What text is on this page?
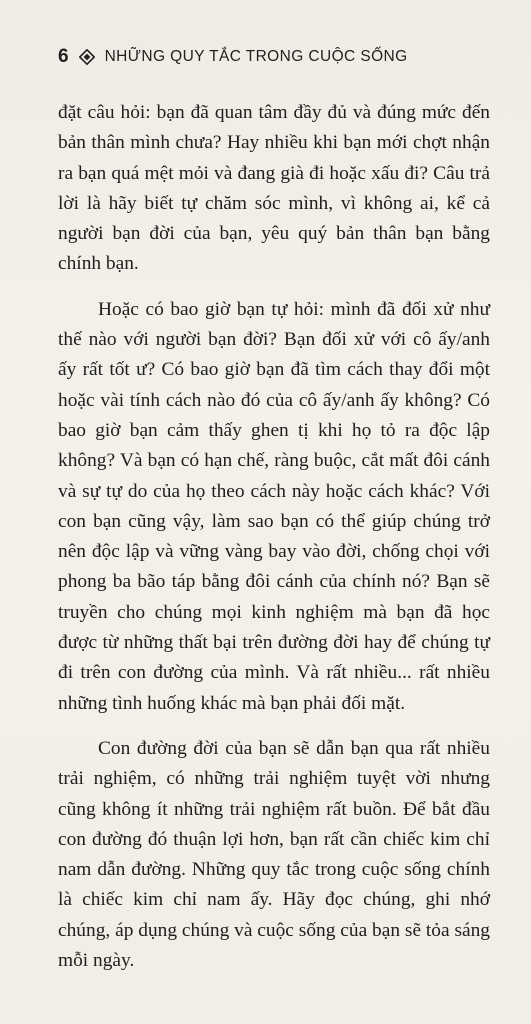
6 NHỮNG QUY TẮC TRONG CUỘC SỐNG

đặt câu hỏi: bạn đã quan tâm đầy đủ và đúng mức đến bản thân mình chưa? Hay nhiều khi bạn mới chợt nhận ra bạn quá mệt mỏi và đang già đi hoặc xấu đi? Câu trả lời là hãy biết tự chăm sóc mình, vì không ai, kể cả người bạn đời của bạn, yêu quý bản thân bạn bằng chính bạn.

Hoặc có bao giờ bạn tự hỏi: mình đã đối xử như thế nào với người bạn đời? Bạn đối xử với cô ấy/anh ấy rất tốt ư? Có bao giờ bạn đã tìm cách thay đổi một hoặc vài tính cách nào đó của cô ấy/anh ấy không? Có bao giờ bạn cảm thấy ghen tị khi họ tỏ ra độc lập không? Và bạn có hạn chế, ràng buộc, cắt mất đôi cánh và sự tự do của họ theo cách này hoặc cách khác? Với con bạn cũng vậy, làm sao bạn có thể giúp chúng trở nên độc lập và vững vàng bay vào đời, chống chọi với phong ba bão táp bằng đôi cánh của chính nó? Bạn sẽ truyền cho chúng mọi kinh nghiệm mà bạn đã học được từ những thất bại trên đường đời hay để chúng tự đi trên con đường của mình. Và rất nhiều... rất nhiều những tình huống khác mà bạn phải đối mặt.

Con đường đời của bạn sẽ dẫn bạn qua rất nhiều trải nghiệm, có những trải nghiệm tuyệt vời nhưng cũng không ít những trải nghiệm rất buồn. Để bắt đầu con đường đó thuận lợi hơn, bạn rất cần chiếc kim chỉ nam dẫn đường. Những quy tắc trong cuộc sống chính là chiếc kim chỉ nam ấy. Hãy đọc chúng, ghi nhớ chúng, áp dụng chúng và cuộc sống của bạn sẽ tỏa sáng mỗi ngày.
